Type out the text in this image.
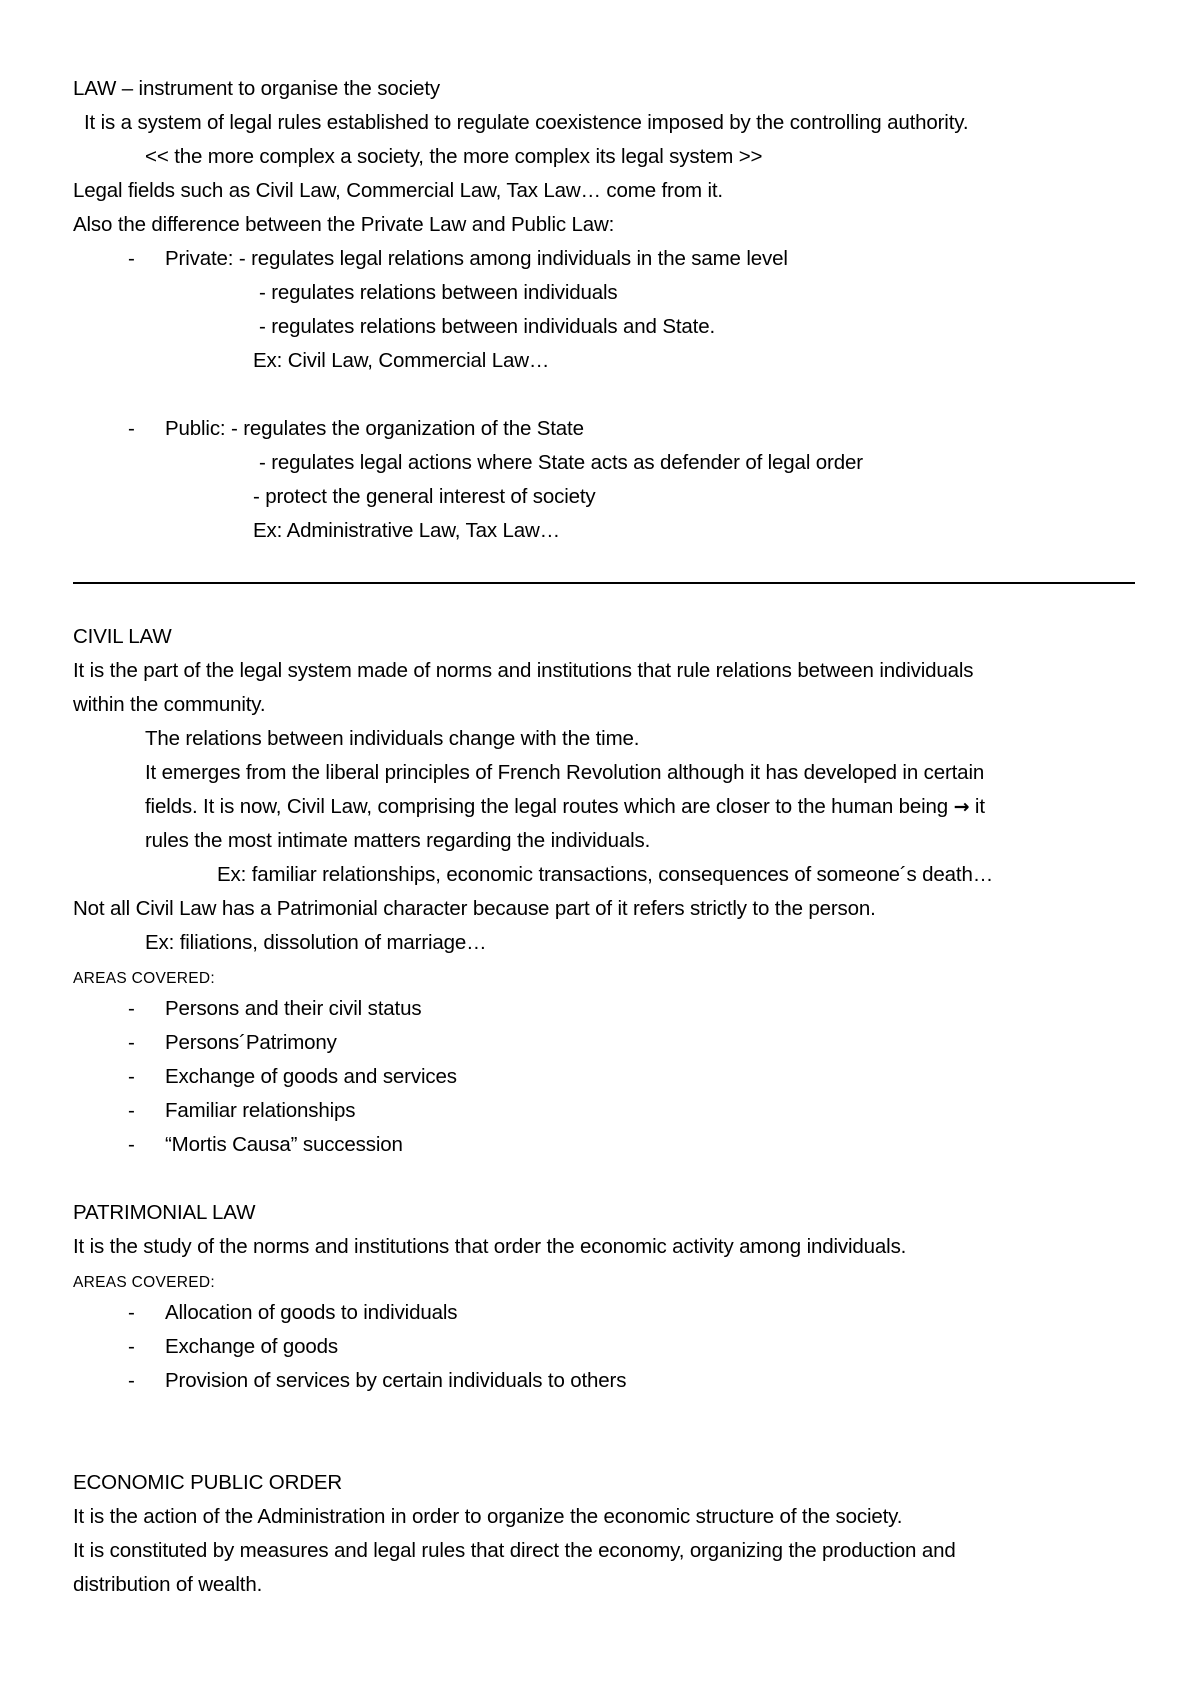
LAW – instrument to organise the society
It is a system of legal rules established to regulate coexistence imposed by the controlling authority.
<< the more complex a society, the more complex its legal system >>
Legal fields such as Civil Law, Commercial Law, Tax Law… come from it.
Also the difference between the Private Law and Public Law:
- Private: - regulates legal relations among individuals in the same level
- regulates relations between individuals
- regulates relations between individuals and State.
Ex: Civil Law, Commercial Law…
- Public: - regulates the organization of the State
- regulates legal actions where State acts as defender of legal order
- protect the general interest of society
Ex: Administrative Law, Tax Law…
CIVIL LAW
It is the part of the legal system made of norms and institutions that rule relations between individuals
within the community.
The relations between individuals change with the time.
It emerges from the liberal principles of French Revolution although it has developed in certain
fields. It is now, Civil Law, comprising the legal routes which are closer to the human being → it
rules the most intimate matters regarding the individuals.
Ex: familiar relationships, economic transactions, consequences of someone´s death…
Not all Civil Law has a Patrimonial character because part of it refers strictly to the person.
Ex: filiations, dissolution of marriage…
AREAS COVERED:
- Persons and their civil status
- Persons´Patrimony
- Exchange of goods and services
- Familiar relationships
- “Mortis Causa” succession
PATRIMONIAL LAW
It is the study of the norms and institutions that order the economic activity among individuals.
AREAS COVERED:
- Allocation of goods to individuals
- Exchange of goods
- Provision of services by certain individuals to others
ECONOMIC PUBLIC ORDER
It is the action of the Administration in order to organize the economic structure of the society.
It is constituted by measures and legal rules that direct the economy, organizing the production and
distribution of wealth.
